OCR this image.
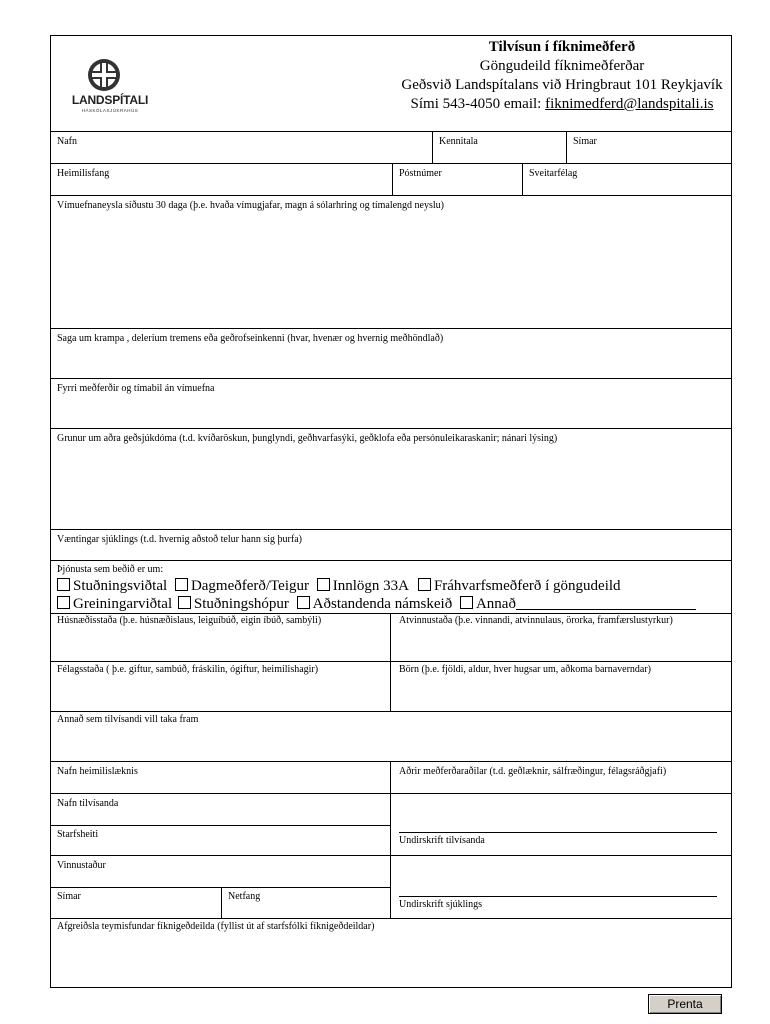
LANDSPÍTALI
HÁSKÓLASJÚKRAHÚS
Tilvísun í fíknimeðferð
Göngudeild fíknimeðferðar
Geðsvið Landspítalans við Hringbraut 101 Reykjavík
Sími 543-4050 email: fiknimedferd@landspitali.is
Nafn	Kennitala	Símar
Heimilisfang	Póstnúmer	Sveitarfélag
Vímuefnaneysla síðustu 30 daga (þ.e. hvaða vímugjafar, magn á sólarhring og tímalengd neyslu)
Saga um krampa , delerium tremens eða geðrofseinkenni (hvar, hvenær og hvernig meðhöndlað)
Fyrri meðferðir og tímabil án vímuefna
Grunur um aðra geðsjúkdóma (t.d. kvíðaröskun, þunglyndi, geðhvarfasýki, geðklofa eða persónuleikaraskanir; nánari lýsing)
Væntingar sjúklings (t.d. hvernig aðstoð telur hann sig þurfa)
Þjónusta sem beðið er um:
Stuðningsviðtal Dagmeðferð/Teigur Innlögn 33A Fráhvarfsmeðferð í göngudeild
Greiningarviðtal Stuðningshópur Aðstandenda námskeið Annað
Húsnæðisstaða (þ.e. húsnæðislaus, leiguíbúð, eigin íbúð, sambýli)	Atvinnustaða (þ.e. vinnandi, atvinnulaus, örorka, framfærslustyrkur)
Félagsstaða ( þ.e. giftur, sambúð, fráskilin, ógiftur, heimilishagir)	Börn (þ.e. fjöldi, aldur, hver hugsar um, aðkoma barnaverndar)
Annað sem tilvísandi vill taka fram
Nafn heimilislæknis	Aðrir meðferðaraðilar (t.d. geðlæknir, sálfræðingur, félagsráðgjafi)
Nafn tilvísanda
Starfsheiti
Undirskrift tilvísanda
Vinnustaður
Símar	Netfang
Undirskrift sjúklings
Afgreiðsla teymisfundar fíknigeðdeilda (fyllist út af starfsfólki fíknigeðdeildar)
Prenta
